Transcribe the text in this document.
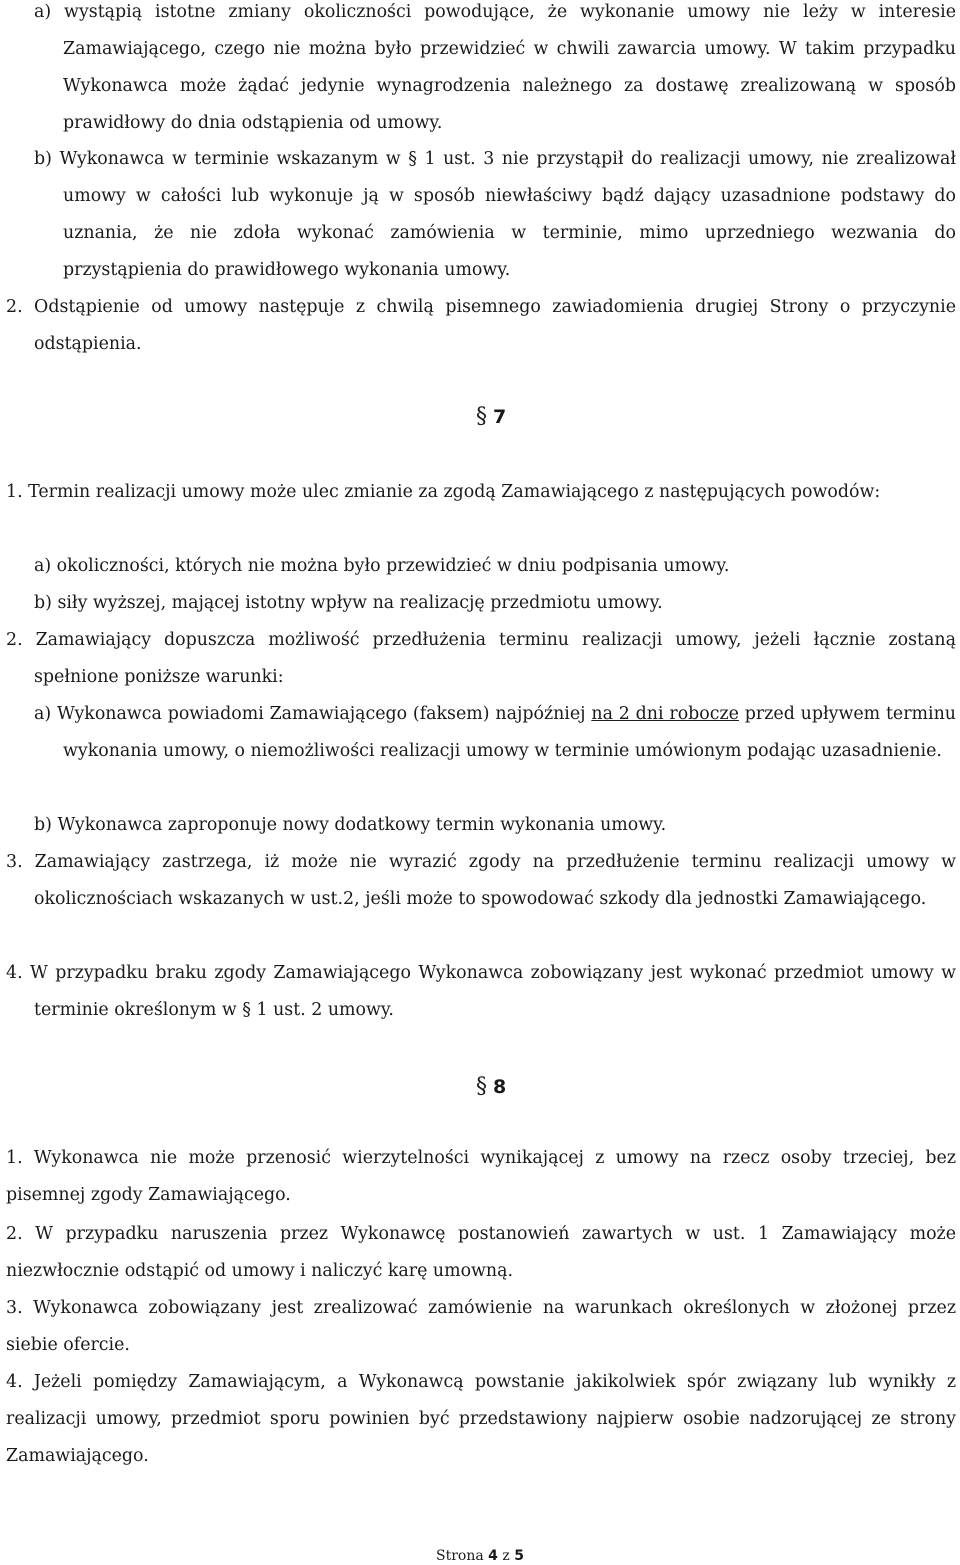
a) wystąpią istotne zmiany okoliczności powodujące, że wykonanie umowy nie leży w interesie Zamawiającego, czego nie można było przewidzieć w chwili zawarcia umowy. W takim przypadku Wykonawca może żądać jedynie wynagrodzenia należnego za dostawę zrealizowaną w sposób prawidłowy do dnia odstąpienia od umowy.

b) Wykonawca w terminie wskazanym w § 1 ust. 3 nie przystąpił do realizacji umowy, nie zrealizował umowy w całości lub wykonuje ją w sposób niewłaściwy bądź dający uzasadnione podstawy do uznania, że nie zdoła wykonać zamówienia w terminie, mimo uprzedniego wezwania do przystąpienia do prawidłowego wykonania umowy.

2. Odstąpienie od umowy następuje z chwilą pisemnego zawiadomienia drugiej Strony o przyczynie odstąpienia.

§ 7

1. Termin realizacji umowy może ulec zmianie za zgodą Zamawiającego z następujących powodów:

a) okoliczności, których nie można było przewidzieć w dniu podpisania umowy.

b) siły wyższej, mającej istotny wpływ na realizację przedmiotu umowy.

2. Zamawiający dopuszcza możliwość przedłużenia terminu realizacji umowy, jeżeli łącznie zostaną spełnione poniższe warunki:

a) Wykonawca powiadomi Zamawiającego (faksem) najpóźniej na 2 dni robocze przed upływem terminu wykonania umowy, o niemożliwości realizacji umowy w terminie umówionym podając uzasadnienie.

b) Wykonawca zaproponuje nowy dodatkowy termin wykonania umowy.

3. Zamawiający zastrzega, iż może nie wyrazić zgody na przedłużenie terminu realizacji umowy w okolicznościach wskazanych w ust.2, jeśli może to spowodować szkody dla jednostki Zamawiającego.

4. W przypadku braku zgody Zamawiającego Wykonawca zobowiązany jest wykonać przedmiot umowy w terminie określonym w § 1 ust. 2 umowy.

§ 8

1. Wykonawca nie może przenosić wierzytelności wynikającej z umowy na rzecz osoby trzeciej, bez pisemnej zgody Zamawiającego.

2. W przypadku naruszenia przez Wykonawcę postanowień zawartych w ust. 1 Zamawiający może niezwłocznie odstąpić od umowy i naliczyć karę umowną.

3. Wykonawca zobowiązany jest zrealizować zamówienie na warunkach określonych w złożonej przez siebie ofercie.

4. Jeżeli pomiędzy Zamawiającym, a Wykonawcą powstanie jakikolwiek spór związany lub wynikły z realizacji umowy, przedmiot sporu powinien być przedstawiony najpierw osobie nadzorującej ze strony Zamawiającego.

Strona 4 z 5
